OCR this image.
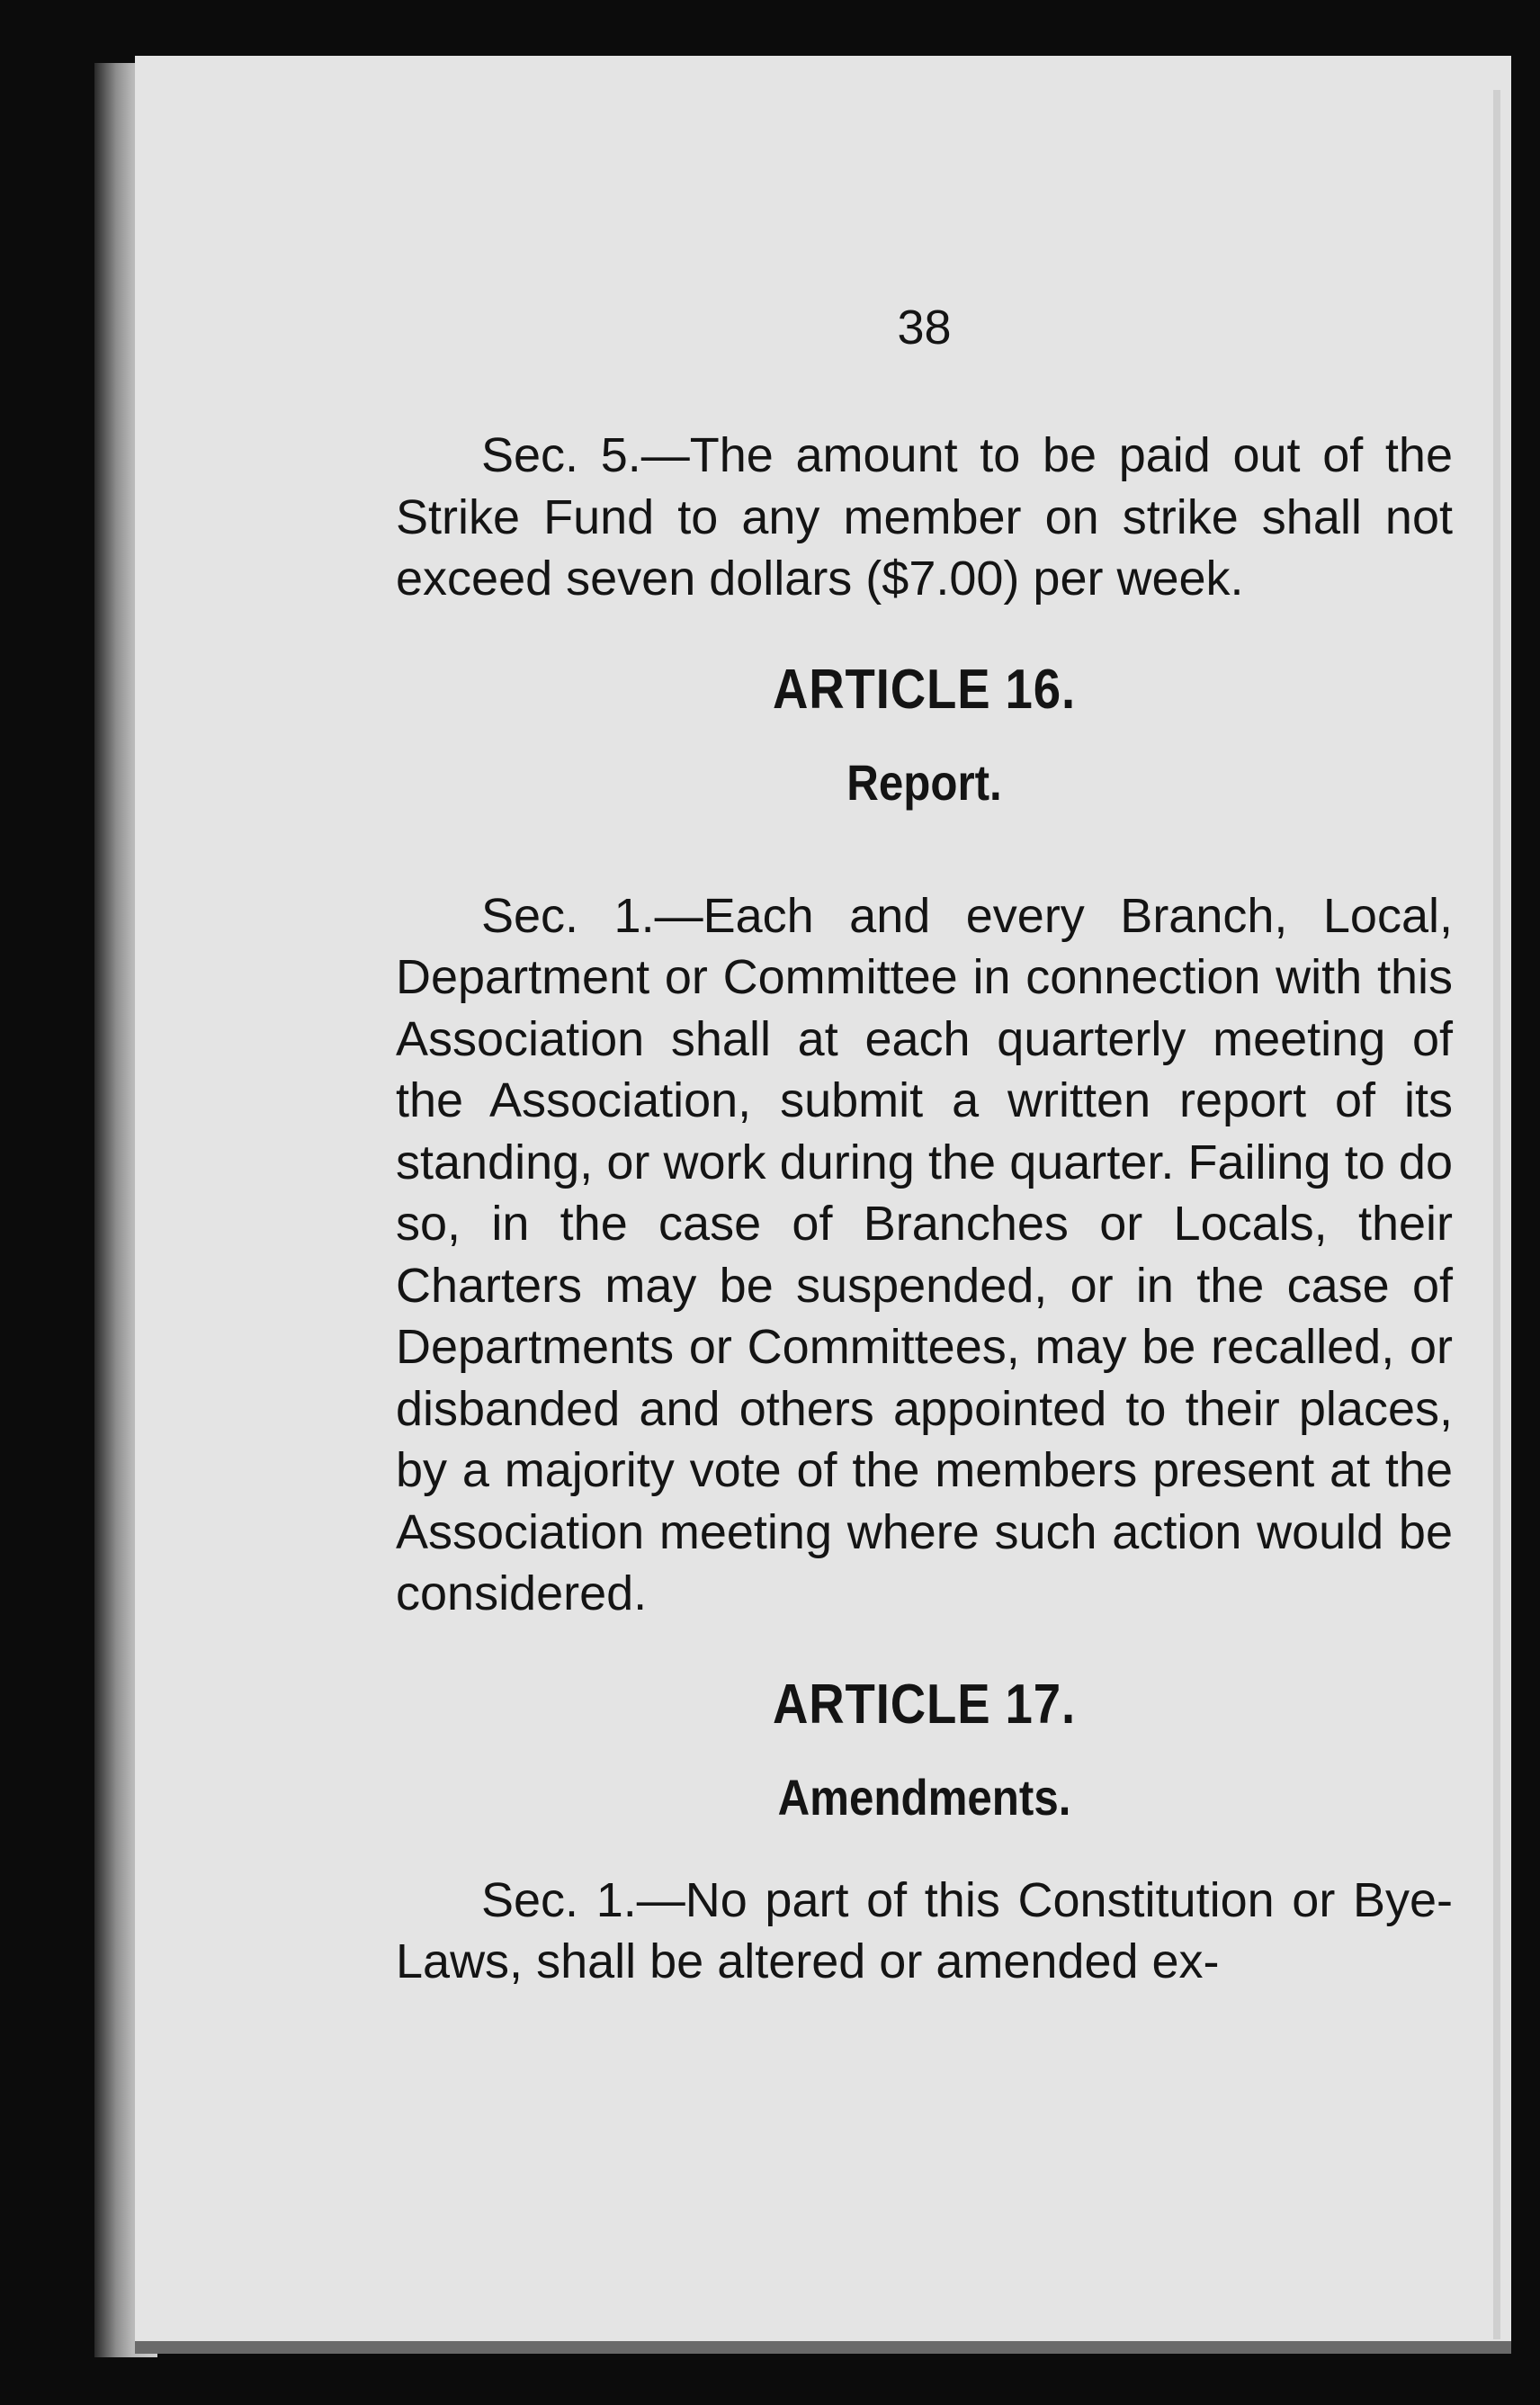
38

Sec. 5.—The amount to be paid out of the Strike Fund to any member on strike shall not exceed seven dollars ($7.00) per week.

ARTICLE 16.
Report.

Sec. 1.—Each and every Branch, Local, Department or Committee in connection with this Association shall at each quarterly meeting of the Association, submit a written report of its standing, or work during the quarter. Failing to do so, in the case of Branches or Locals, their Charters may be suspended, or in the case of Departments or Committees, may be recalled, or disbanded and others appointed to their places, by a majority vote of the members present at the Association meeting where such action would be considered.

ARTICLE 17.
Amendments.

Sec. 1.—No part of this Constitution or Bye-Laws, shall be altered or amended ex-
